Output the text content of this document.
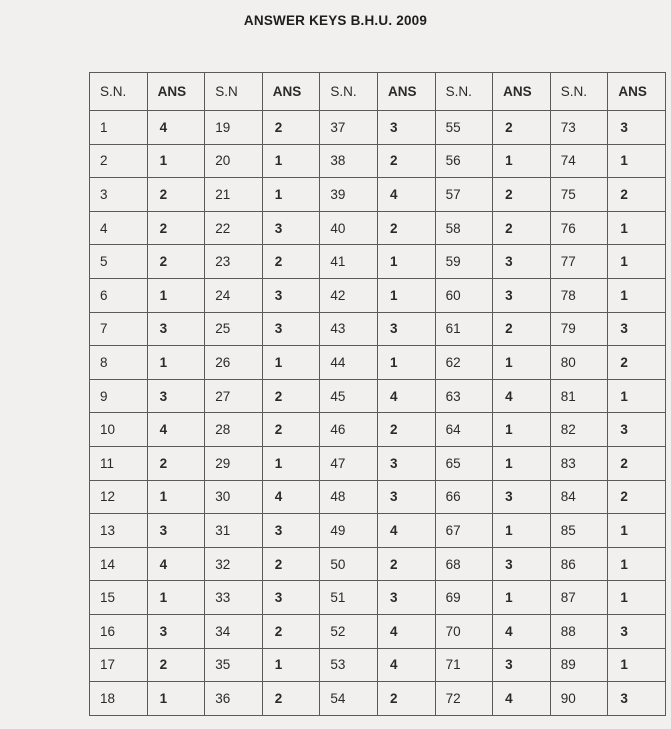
ANSWER KEYS B.H.U. 2009
S.N.	ANS	S.N	ANS	S.N.	ANS	S.N.	ANS	S.N.	ANS
1	4	19	2	37	3	55	2	73	3
2	1	20	1	38	2	56	1	74	1
3	2	21	1	39	4	57	2	75	2
4	2	22	3	40	2	58	2	76	1
5	2	23	2	41	1	59	3	77	1
6	1	24	3	42	1	60	3	78	1
7	3	25	3	43	3	61	2	79	3
8	1	26	1	44	1	62	1	80	2
9	3	27	2	45	4	63	4	81	1
10	4	28	2	46	2	64	1	82	3
11	2	29	1	47	3	65	1	83	2
12	1	30	4	48	3	66	3	84	2
13	3	31	3	49	4	67	1	85	1
14	4	32	2	50	2	68	3	86	1
15	1	33	3	51	3	69	1	87	1
16	3	34	2	52	4	70	4	88	3
17	2	35	1	53	4	71	3	89	1
18	1	36	2	54	2	72	4	90	3
